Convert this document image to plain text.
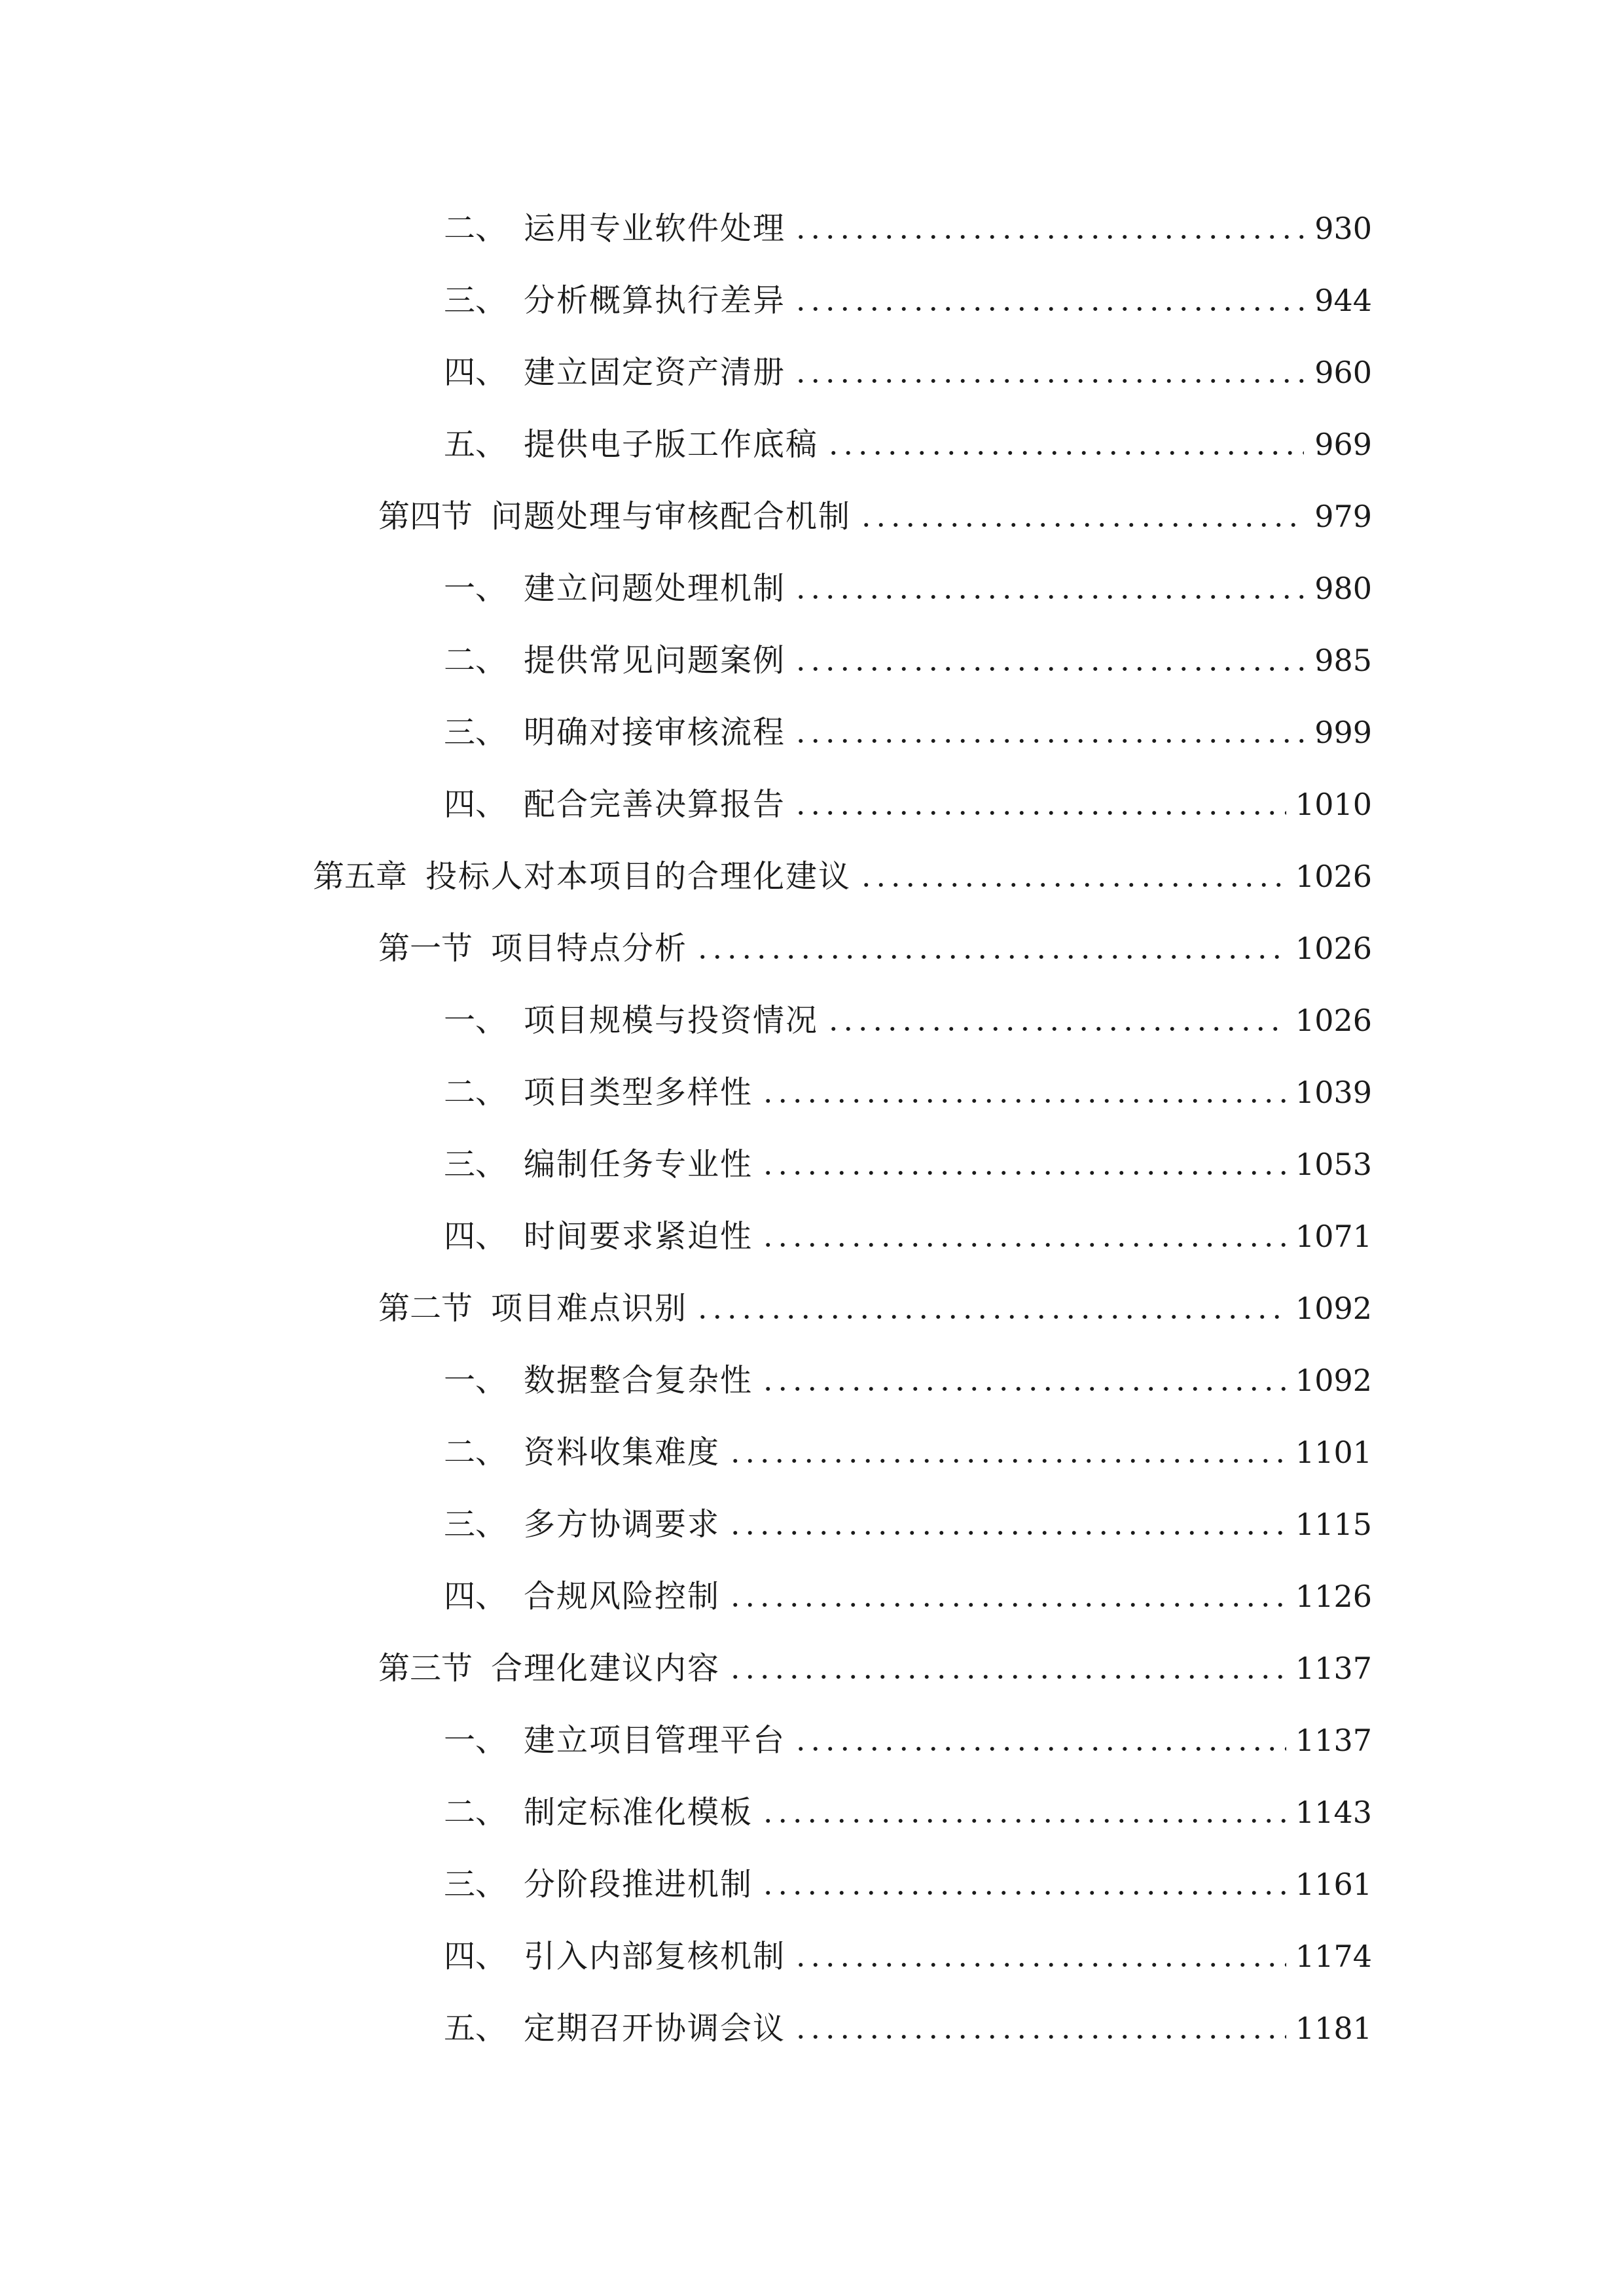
二、 运用专业软件处理	930
三、 分析概算执行差异	944
四、 建立固定资产清册	960
五、 提供电子版工作底稿	969
第四节 问题处理与审核配合机制	979
一、 建立问题处理机制	980
二、 提供常见问题案例	985
三、 明确对接审核流程	999
四、 配合完善决算报告	1010
第五章 投标人对本项目的合理化建议	1026
第一节 项目特点分析	1026
一、 项目规模与投资情况	1026
二、 项目类型多样性	1039
三、 编制任务专业性	1053
四、 时间要求紧迫性	1071
第二节 项目难点识别	1092
一、 数据整合复杂性	1092
二、 资料收集难度	1101
三、 多方协调要求	1115
四、 合规风险控制	1126
第三节 合理化建议内容	1137
一、 建立项目管理平台	1137
二、 制定标准化模板	1143
三、 分阶段推进机制	1161
四、 引入内部复核机制	1174
五、 定期召开协调会议	1181
